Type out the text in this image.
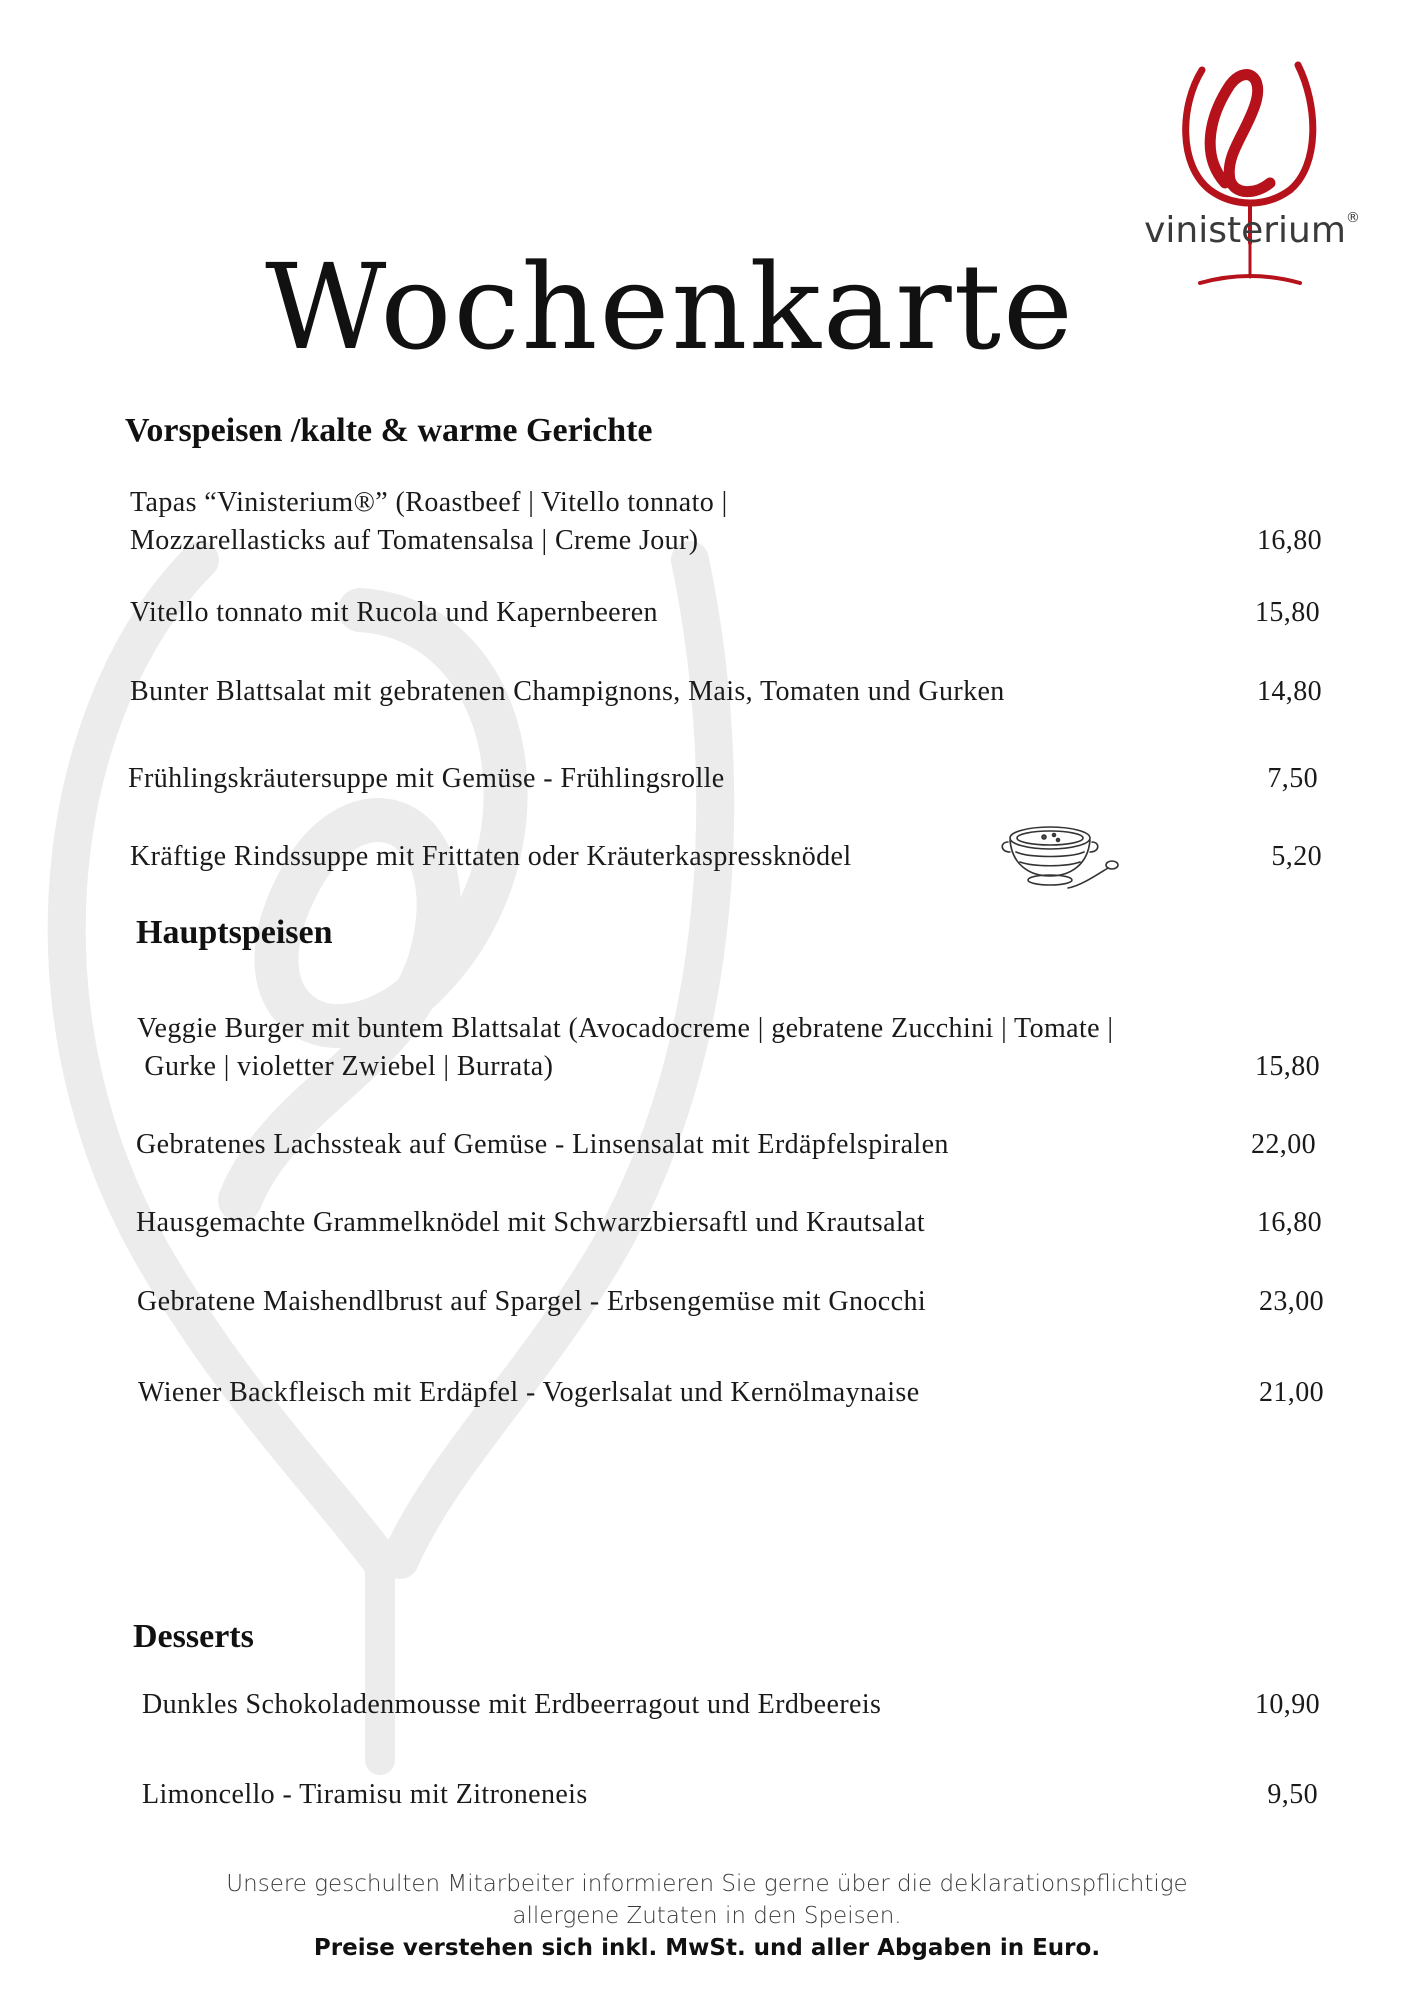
vinisterium®
Wochenkarte
Vorspeisen /kalte & warme Gerichte
Tapas “Vinisterium®” (Roastbeef | Vitello tonnato |
Mozzarellasticks auf Tomatensalsa | Creme Jour)	16,80
Vitello tonnato mit Rucola und Kapernbeeren	15,80
Bunter Blattsalat mit gebratenen Champignons, Mais, Tomaten und Gurken	14,80
Frühlingskräutersuppe mit Gemüse - Frühlingsrolle	7,50
Kräftige Rindssuppe mit Frittaten oder Kräuterkaspressknödel	5,20
Hauptspeisen
Veggie Burger mit buntem Blattsalat (Avocadocreme | gebratene Zucchini | Tomate |
Gurke | violetter Zwiebel | Burrata)	15,80
Gebratenes Lachssteak auf Gemüse - Linsensalat mit Erdäpfelspiralen	22,00
Hausgemachte Grammelknödel mit Schwarzbiersaftl und Krautsalat	16,80
Gebratene Maishendlbrust auf Spargel - Erbsengemüse mit Gnocchi	23,00
Wiener Backfleisch mit Erdäpfel - Vogerlsalat und Kernölmaynaise	21,00
Desserts
Dunkles Schokoladenmousse mit Erdbeerragout und Erdbeereis	10,90
Limoncello - Tiramisu mit Zitroneneis	9,50
Unsere geschulten Mitarbeiter informieren Sie gerne über die deklarationspflichtige
allergene Zutaten in den Speisen.
Preise verstehen sich inkl. MwSt. und aller Abgaben in Euro.
